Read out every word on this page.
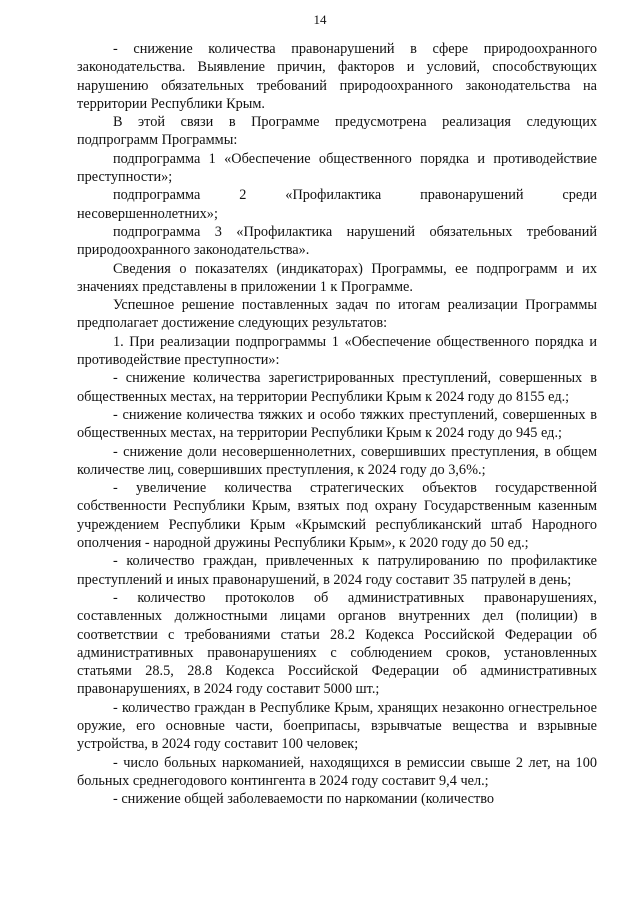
14

- снижение количества правонарушений в сфере природоохранного законодательства. Выявление причин, факторов и условий, способствующих нарушению обязательных требований природоохранного законодательства на территории Республики Крым.

В этой связи в Программе предусмотрена реализация следующих подпрограмм Программы:

подпрограмма 1 «Обеспечение общественного порядка и противодействие преступности»;

подпрограмма 2 «Профилактика правонарушений среди несовершеннолетних»;

подпрограмма 3 «Профилактика нарушений обязательных требований природоохранного законодательства».

Сведения о показателях (индикаторах) Программы, ее подпрограмм и их значениях представлены в приложении 1 к Программе.

Успешное решение поставленных задач по итогам реализации Программы предполагает достижение следующих результатов:

1. При реализации подпрограммы 1 «Обеспечение общественного порядка и противодействие преступности»:

- снижение количества зарегистрированных преступлений, совершенных в общественных местах, на территории Республики Крым к 2024 году до 8155 ед.;

- снижение количества тяжких и особо тяжких преступлений, совершенных в общественных местах, на территории Республики Крым к 2024 году до 945 ед.;

- снижение доли несовершеннолетних, совершивших преступления, в общем количестве лиц, совершивших преступления, к 2024 году до 3,6%.;

- увеличение количества стратегических объектов государственной собственности Республики Крым, взятых под охрану Государственным казенным учреждением Республики Крым «Крымский республиканский штаб Народного ополчения - народной дружины Республики Крым», к 2020 году до 50 ед.;

- количество граждан, привлеченных к патрулированию по профилактике преступлений и иных правонарушений, в 2024 году составит 35 патрулей в день;

- количество протоколов об административных правонарушениях, составленных должностными лицами органов внутренних дел (полиции) в соответствии с требованиями статьи 28.2 Кодекса Российской Федерации об административных правонарушениях с соблюдением сроков, установленных статьями 28.5, 28.8 Кодекса Российской Федерации об административных правонарушениях, в 2024 году составит 5000 шт.;

- количество граждан в Республике Крым, хранящих незаконно огнестрельное оружие, его основные части, боеприпасы, взрывчатые вещества и взрывные устройства, в 2024 году составит 100 человек;

- число больных наркоманией, находящихся в ремиссии свыше 2 лет, на 100 больных среднегодового контингента в 2024 году составит 9,4 чел.;

- снижение общей заболеваемости по наркомании (количество
